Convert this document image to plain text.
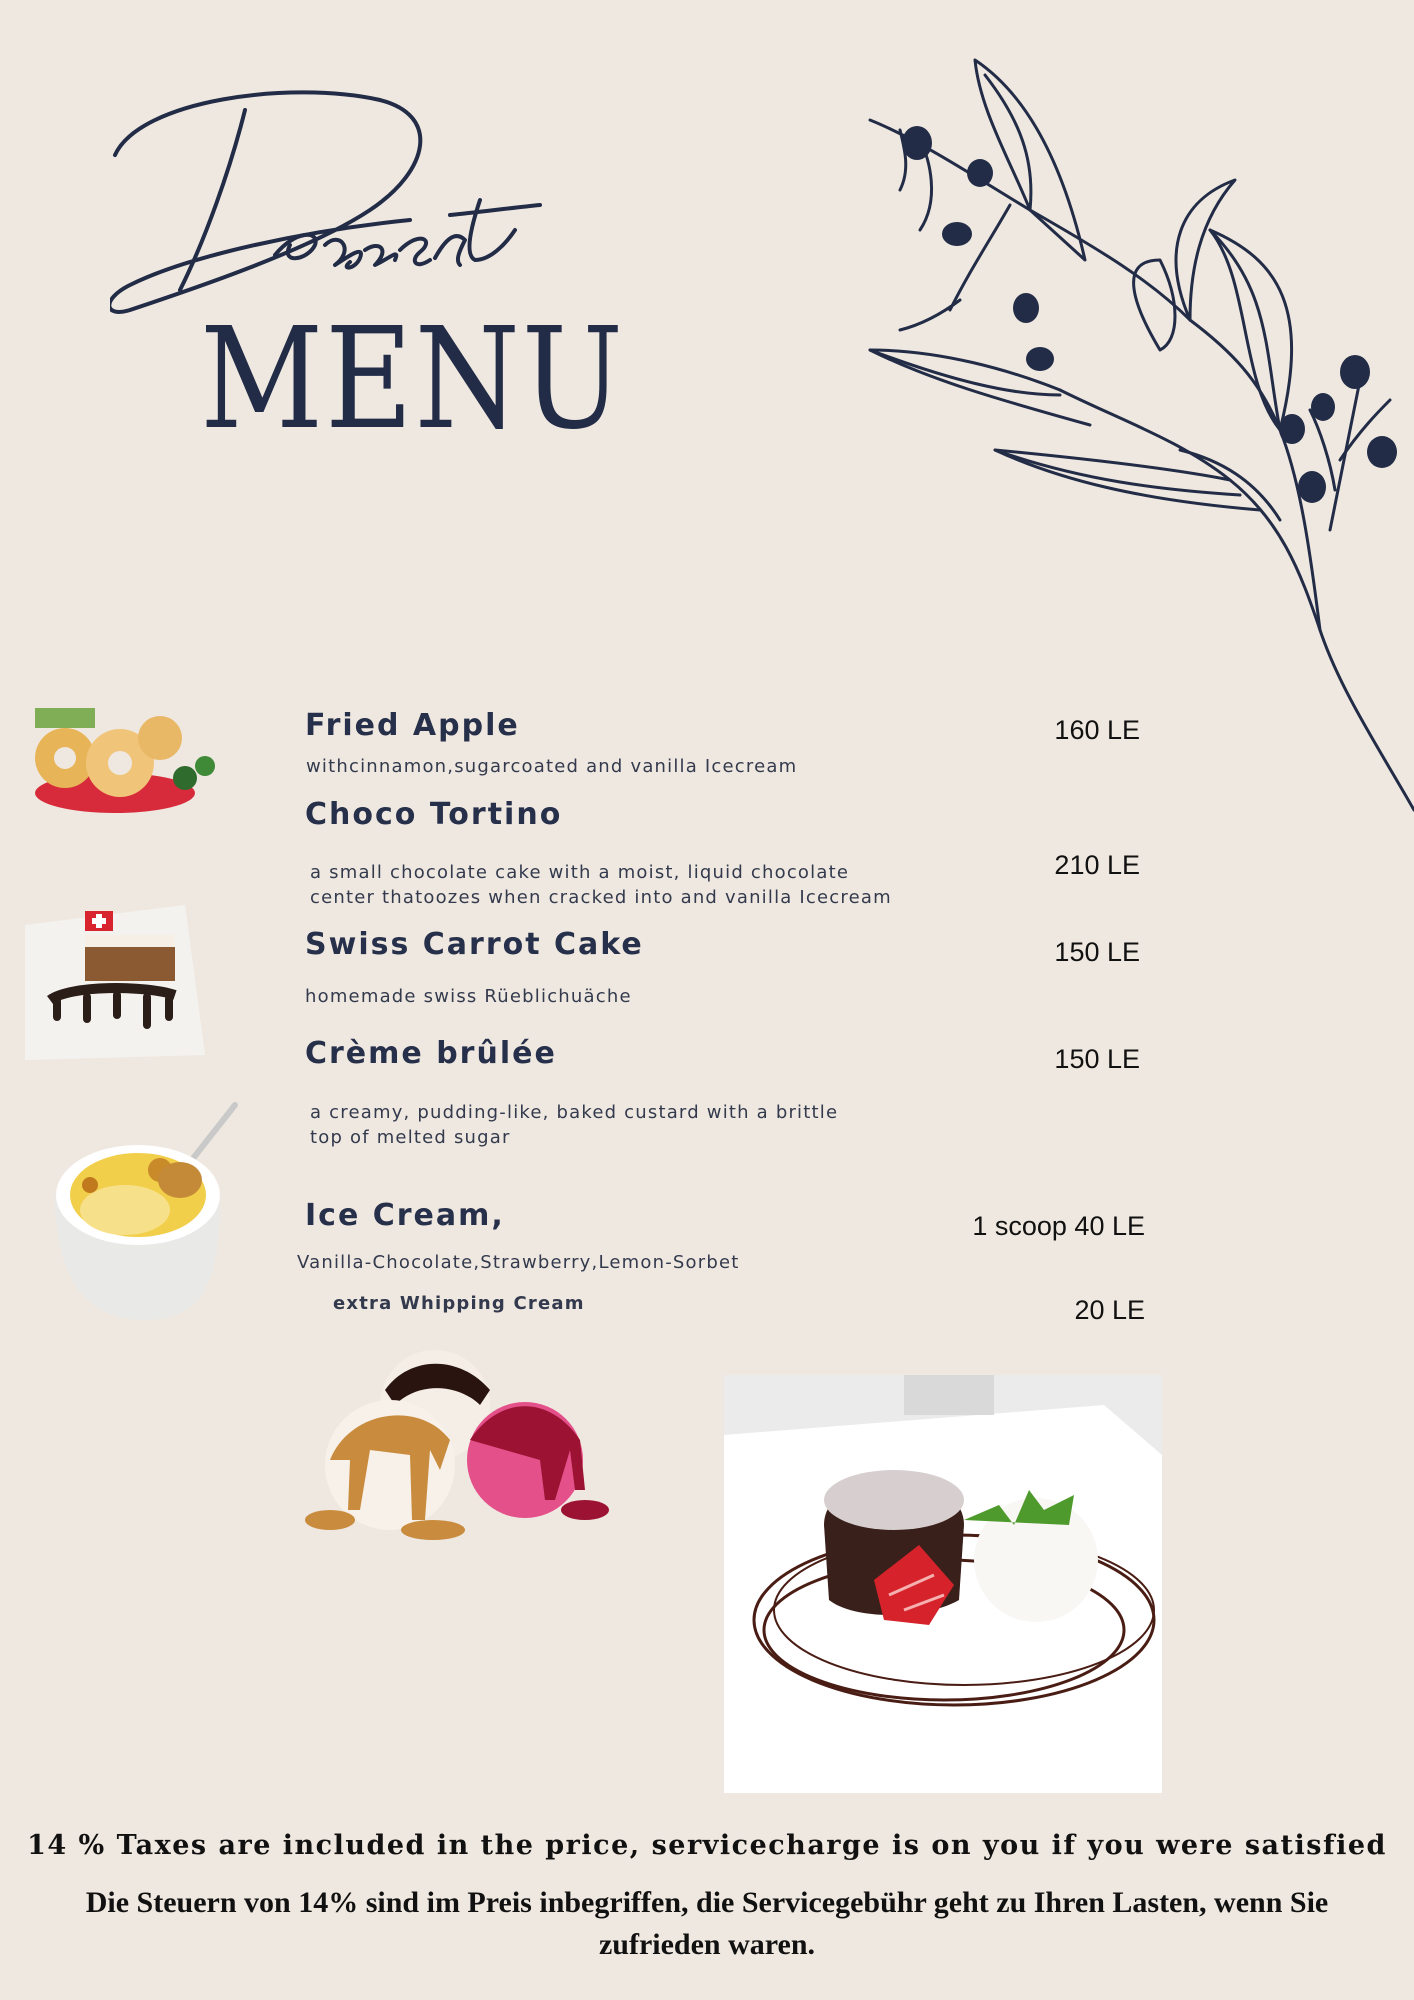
MENU
Fried Apple
withcinnamon,sugarcoated and vanilla Icecream
160 LE
Choco Tortino
a small chocolate cake with a moist, liquid chocolate
center thatoozes when cracked into and vanilla Icecream
210 LE
Swiss Carrot Cake
homemade swiss Rüeblichuäche
150 LE
Crème brûlée
a creamy, pudding-like, baked custard with a brittle
top of melted sugar
150 LE
Ice Cream,
Vanilla-Chocolate,Strawberry,Lemon-Sorbet
1 scoop 40 LE
extra Whipping Cream	20 LE
14 % Taxes are included in the price, servicecharge is on you if you were satisfied
Die Steuern von 14% sind im Preis inbegriffen, die Servicegebühr geht zu Ihren Lasten, wenn Sie zufrieden waren.
